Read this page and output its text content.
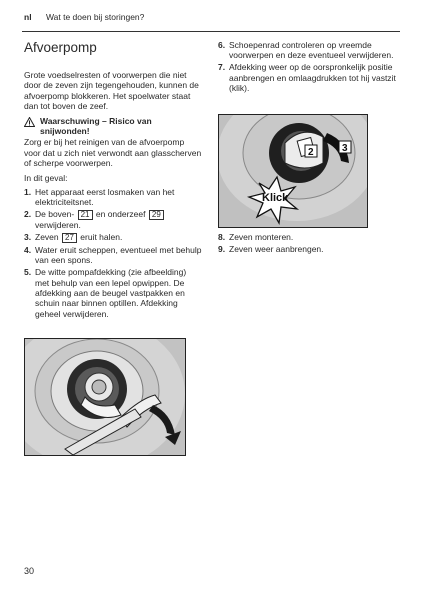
nl Wat te doen bij storingen?
Afvoerpomp

Grote voedselresten of voorwerpen die niet door de zeven zijn tegengehouden, kunnen de afvoerpomp blokkeren. Het spoelwater staat dan tot boven de zeef.

Waarschuwing – Risico van snijwonden!

Zorg er bij het reinigen van de afvoerpomp voor dat u zich niet verwondt aan glasscherven of scherpe voorwerpen.

In dit geval:

1. Het apparaat eerst losmaken van het elektriciteitsnet.
2. De boven- 21 en onderzeef 29 verwijderen.
3. Zeven 27 eruit halen.
4. Water eruit scheppen, eventueel met behulp van een spons.
5. De witte pompafdekking (zie afbeelding) met behulp van een lepel opwippen. De afdekking aan de beugel vastpakken en schuin naar binnen optillen. Afdekking geheel verwijderen.
6. Schoepenrad controleren op vreemde voorwerpen en deze eventueel verwijderen.
7. Afdekking weer op de oorspronkelijk positie aanbrengen en omlaagdrukken tot hij vastzit (klik).
Klick
2	3
8. Zeven monteren.
9. Zeven weer aanbrengen.
30
